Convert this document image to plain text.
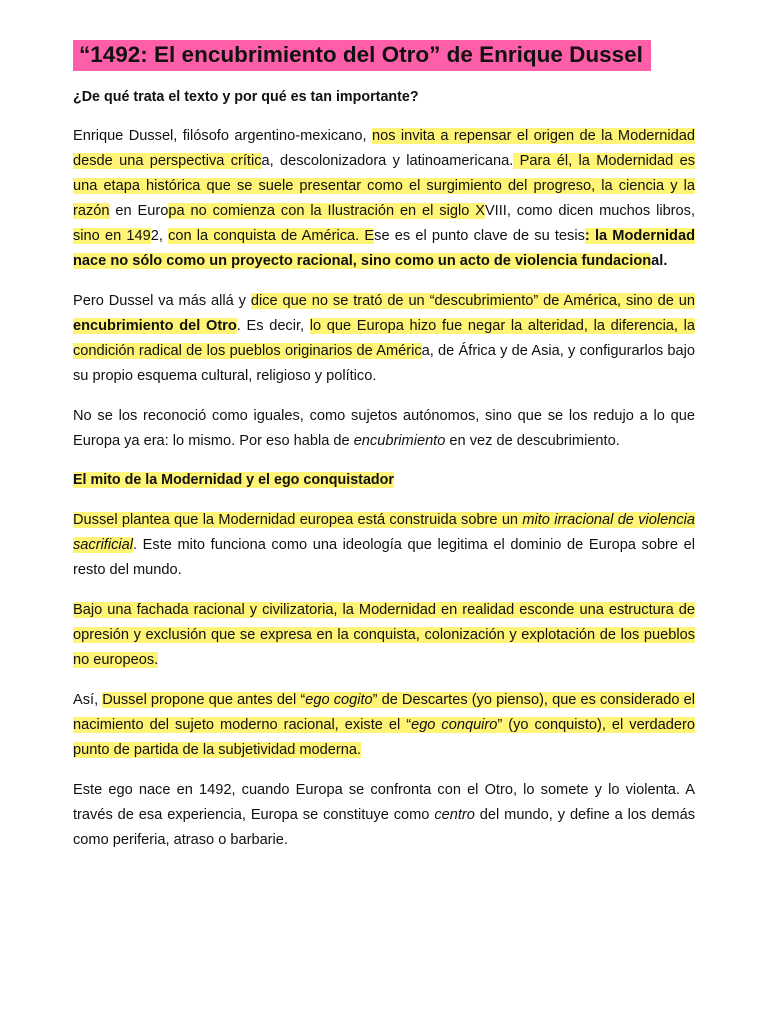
“1492: El encubrimiento del Otro” de Enrique Dussel
¿De qué trata el texto y por qué es tan importante?

Enrique Dussel, filósofo argentino-mexicano, nos invita a repensar el origen de la Modernidad desde una perspectiva crítica, descolonizadora y latinoamericana. Para él, la Modernidad es una etapa histórica que se suele presentar como el surgimiento del progreso, la ciencia y la razón en Europa no comienza con la Ilustración en el siglo XVIII, como dicen muchos libros, sino en 1492, con la conquista de América. Ese es el punto clave de su tesis: la Modernidad nace no sólo como un proyecto racional, sino como un acto de violencia fundacional.

Pero Dussel va más allá y dice que no se trató de un “descubrimiento” de América, sino de un encubrimiento del Otro. Es decir, lo que Europa hizo fue negar la alteridad, la diferencia, la condición radical de los pueblos originarios de América, de África y de Asia, y configurarlos bajo su propio esquema cultural, religioso y político.

No se los reconoció como iguales, como sujetos autónomos, sino que se los redujo a lo que Europa ya era: lo mismo. Por eso habla de encubrimiento en vez de descubrimiento.

El mito de la Modernidad y el ego conquistador

Dussel plantea que la Modernidad europea está construida sobre un mito irracional de violencia sacrificial. Este mito funciona como una ideología que legitima el dominio de Europa sobre el resto del mundo.

Bajo una fachada racional y civilizatoria, la Modernidad en realidad esconde una estructura de opresión y exclusión que se expresa en la conquista, colonización y explotación de los pueblos no europeos.

Así, Dussel propone que antes del “ego cogito” de Descartes (yo pienso), que es considerado el nacimiento del sujeto moderno racional, existe el “ego conquiro” (yo conquisto), el verdadero punto de partida de la subjetividad moderna.

Este ego nace en 1492, cuando Europa se confronta con el Otro, lo somete y lo violenta. A través de esa experiencia, Europa se constituye como centro del mundo, y define a los demás como periferia, atraso o barbarie.
